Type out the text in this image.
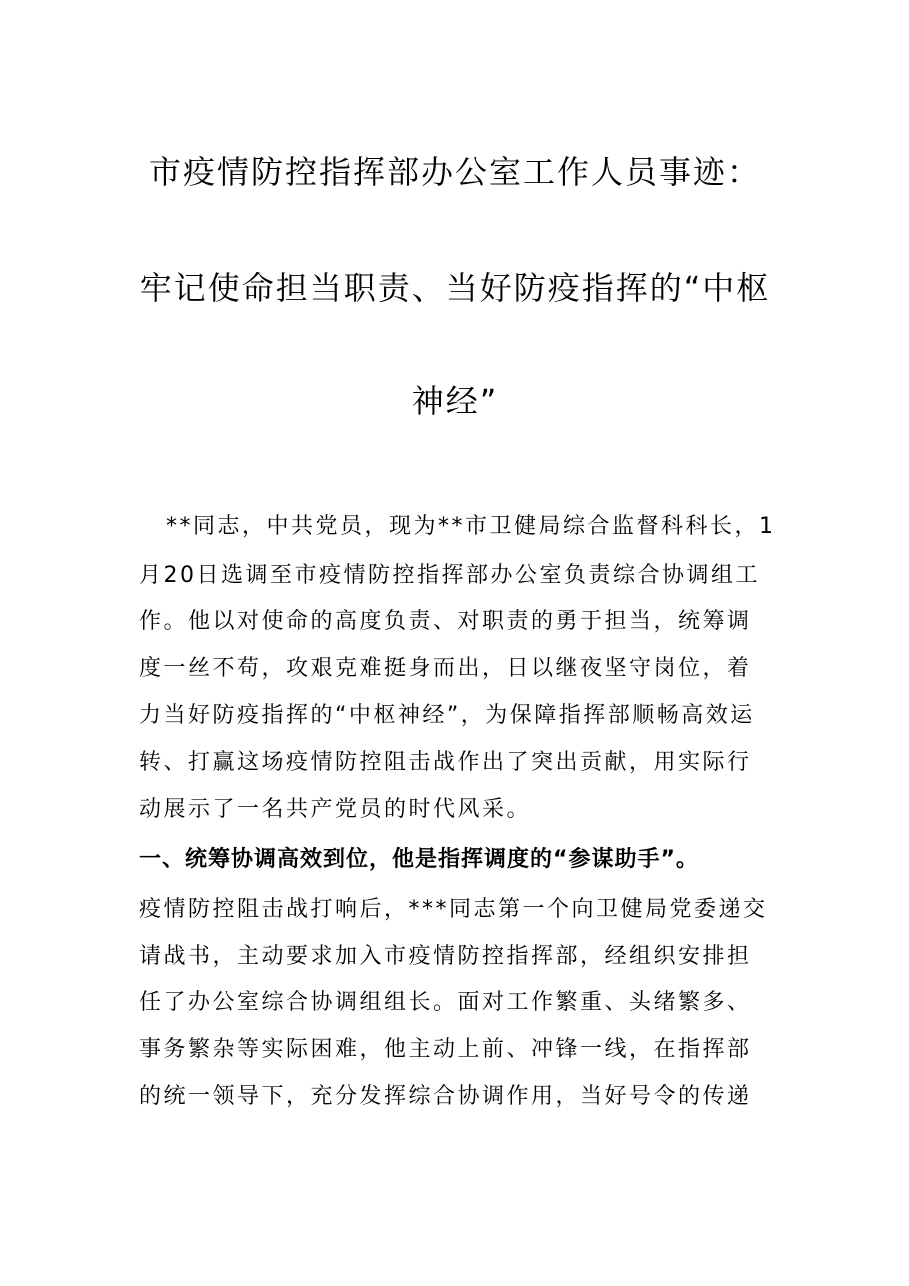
市疫情防控指挥部办公室工作人员事迹：
牢记使命担当职责、当好防疫指挥的“中枢
神经”
**同志，中共党员，现为**市卫健局综合监督科科长，1
月20日选调至市疫情防控指挥部办公室负责综合协调组工
作。他以对使命的高度负责、对职责的勇于担当，统筹调
度一丝不苟，攻艰克难挺身而出，日以继夜坚守岗位，着
力当好防疫指挥的“中枢神经”，为保障指挥部顺畅高效运
转、打赢这场疫情防控阻击战作出了突出贡献，用实际行
动展示了一名共产党员的时代风采。
一、统筹协调高效到位，他是指挥调度的“参谋助手”。
疫情防控阻击战打响后，***同志第一个向卫健局党委递交
请战书，主动要求加入市疫情防控指挥部，经组织安排担
任了办公室综合协调组组长。面对工作繁重、头绪繁多、
事务繁杂等实际困难，他主动上前、冲锋一线，在指挥部
的统一领导下，充分发挥综合协调作用，当好号令的传递
